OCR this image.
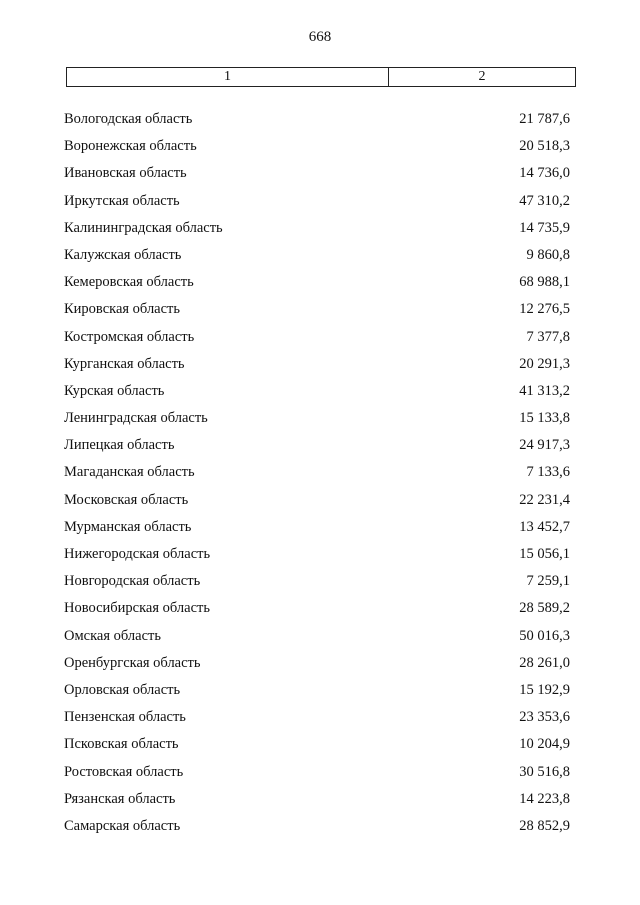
668
1	2
Вологодская область	21 787,6
Воронежская область	20 518,3
Ивановская область	14 736,0
Иркутская область	47 310,2
Калининградская область	14 735,9
Калужская область	9 860,8
Кемеровская область	68 988,1
Кировская область	12 276,5
Костромская область	7 377,8
Курганская область	20 291,3
Курская область	41 313,2
Ленинградская область	15 133,8
Липецкая область	24 917,3
Магаданская область	7 133,6
Московская область	22 231,4
Мурманская область	13 452,7
Нижегородская область	15 056,1
Новгородская область	7 259,1
Новосибирская область	28 589,2
Омская область	50 016,3
Оренбургская область	28 261,0
Орловская область	15 192,9
Пензенская область	23 353,6
Псковская область	10 204,9
Ростовская область	30 516,8
Рязанская область	14 223,8
Самарская область	28 852,9
